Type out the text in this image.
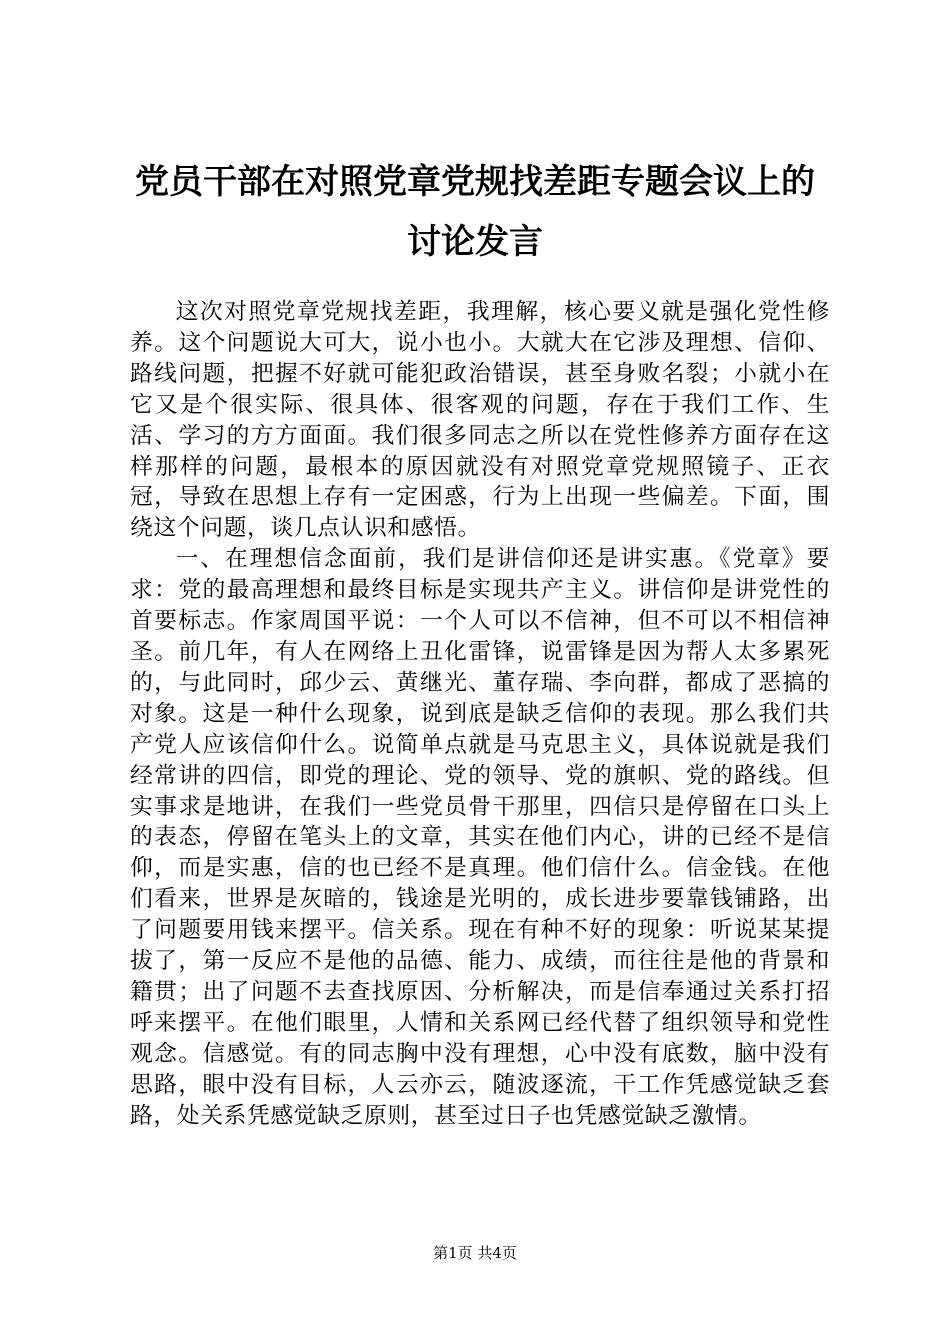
党员干部在对照党章党规找差距专题会议上的
讨论发言

这次对照党章党规找差距，我理解，核心要义就是强化党性修养。这个问题说大可大，说小也小。大就大在它涉及理想、信仰、路线问题，把握不好就可能犯政治错误，甚至身败名裂；小就小在它又是个很实际、很具体、很客观的问题，存在于我们工作、生活、学习的方方面面。我们很多同志之所以在党性修养方面存在这样那样的问题，最根本的原因就没有对照党章党规照镜子、正衣冠，导致在思想上存有一定困惑，行为上出现一些偏差。下面，围绕这个问题，谈几点认识和感悟。

一、在理想信念面前，我们是讲信仰还是讲实惠。《党章》要求：党的最高理想和最终目标是实现共产主义。讲信仰是讲党性的首要标志。作家周国平说：一个人可以不信神，但不可以不相信神圣。前几年，有人在网络上丑化雷锋，说雷锋是因为帮人太多累死的，与此同时，邱少云、黄继光、董存瑞、李向群，都成了恶搞的对象。这是一种什么现象，说到底是缺乏信仰的表现。那么我们共产党人应该信仰什么。说简单点就是马克思主义，具体说就是我们经常讲的四信，即党的理论、党的领导、党的旗帜、党的路线。但实事求是地讲，在我们一些党员骨干那里，四信只是停留在口头上的表态，停留在笔头上的文章，其实在他们内心，讲的已经不是信仰，而是实惠，信的也已经不是真理。他们信什么。信金钱。在他们看来，世界是灰暗的，钱途是光明的，成长进步要靠钱铺路，出了问题要用钱来摆平。信关系。现在有种不好的现象：听说某某提拔了，第一反应不是他的品德、能力、成绩，而往往是他的背景和籍贯；出了问题不去查找原因、分析解决，而是信奉通过关系打招呼来摆平。在他们眼里，人情和关系网已经代替了组织领导和党性观念。信感觉。有的同志胸中没有理想，心中没有底数，脑中没有思路，眼中没有目标，人云亦云，随波逐流，干工作凭感觉缺乏套路，处关系凭感觉缺乏原则，甚至过日子也凭感觉缺乏激情。

第1页 共4页
